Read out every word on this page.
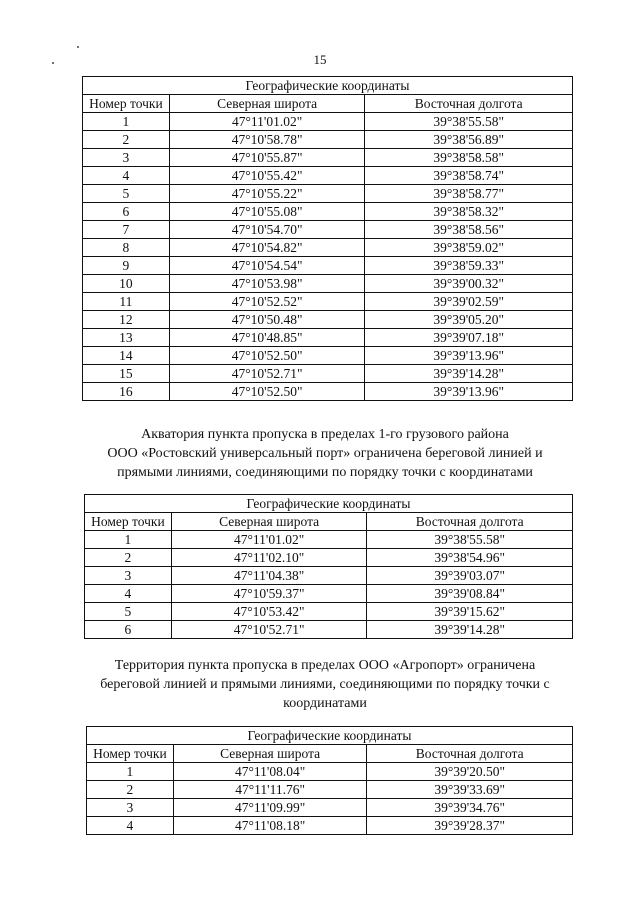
15
Географические координаты		
Номер точки	Северная широта	Восточная долгота
1	47°11'01.02"	39°38'55.58"
2	47°10'58.78"	39°38'56.89"
3	47°10'55.87"	39°38'58.58"
4	47°10'55.42"	39°38'58.74"
5	47°10'55.22"	39°38'58.77"
6	47°10'55.08"	39°38'58.32"
7	47°10'54.70"	39°38'58.56"
8	47°10'54.82"	39°38'59.02"
9	47°10'54.54"	39°38'59.33"
10	47°10'53.98"	39°39'00.32"
11	47°10'52.52"	39°39'02.59"
12	47°10'50.48"	39°39'05.20"
13	47°10'48.85"	39°39'07.18"
14	47°10'52.50"	39°39'13.96"
15	47°10'52.71"	39°39'14.28"
16	47°10'52.50"	39°39'13.96"
Акватория пункта пропуска в пределах 1-го грузового района
ООО «Ростовский универсальный порт» ограничена береговой линией и
прямыми линиями, соединяющими по порядку точки с координатами
Географические координаты		
Номер точки	Северная широта	Восточная долгота
1	47°11'01.02"	39°38'55.58"
2	47°11'02.10"	39°38'54.96"
3	47°11'04.38"	39°39'03.07"
4	47°10'59.37"	39°39'08.84"
5	47°10'53.42"	39°39'15.62"
6	47°10'52.71"	39°39'14.28"
Территория пункта пропуска в пределах ООО «Агропорт» ограничена
береговой линией и прямыми линиями, соединяющими по порядку точки с
координатами
Географические координаты		
Номер точки	Северная широта	Восточная долгота
1	47°11'08.04"	39°39'20.50"
2	47°11'11.76"	39°39'33.69"
3	47°11'09.99"	39°39'34.76"
4	47°11'08.18"	39°39'28.37"
